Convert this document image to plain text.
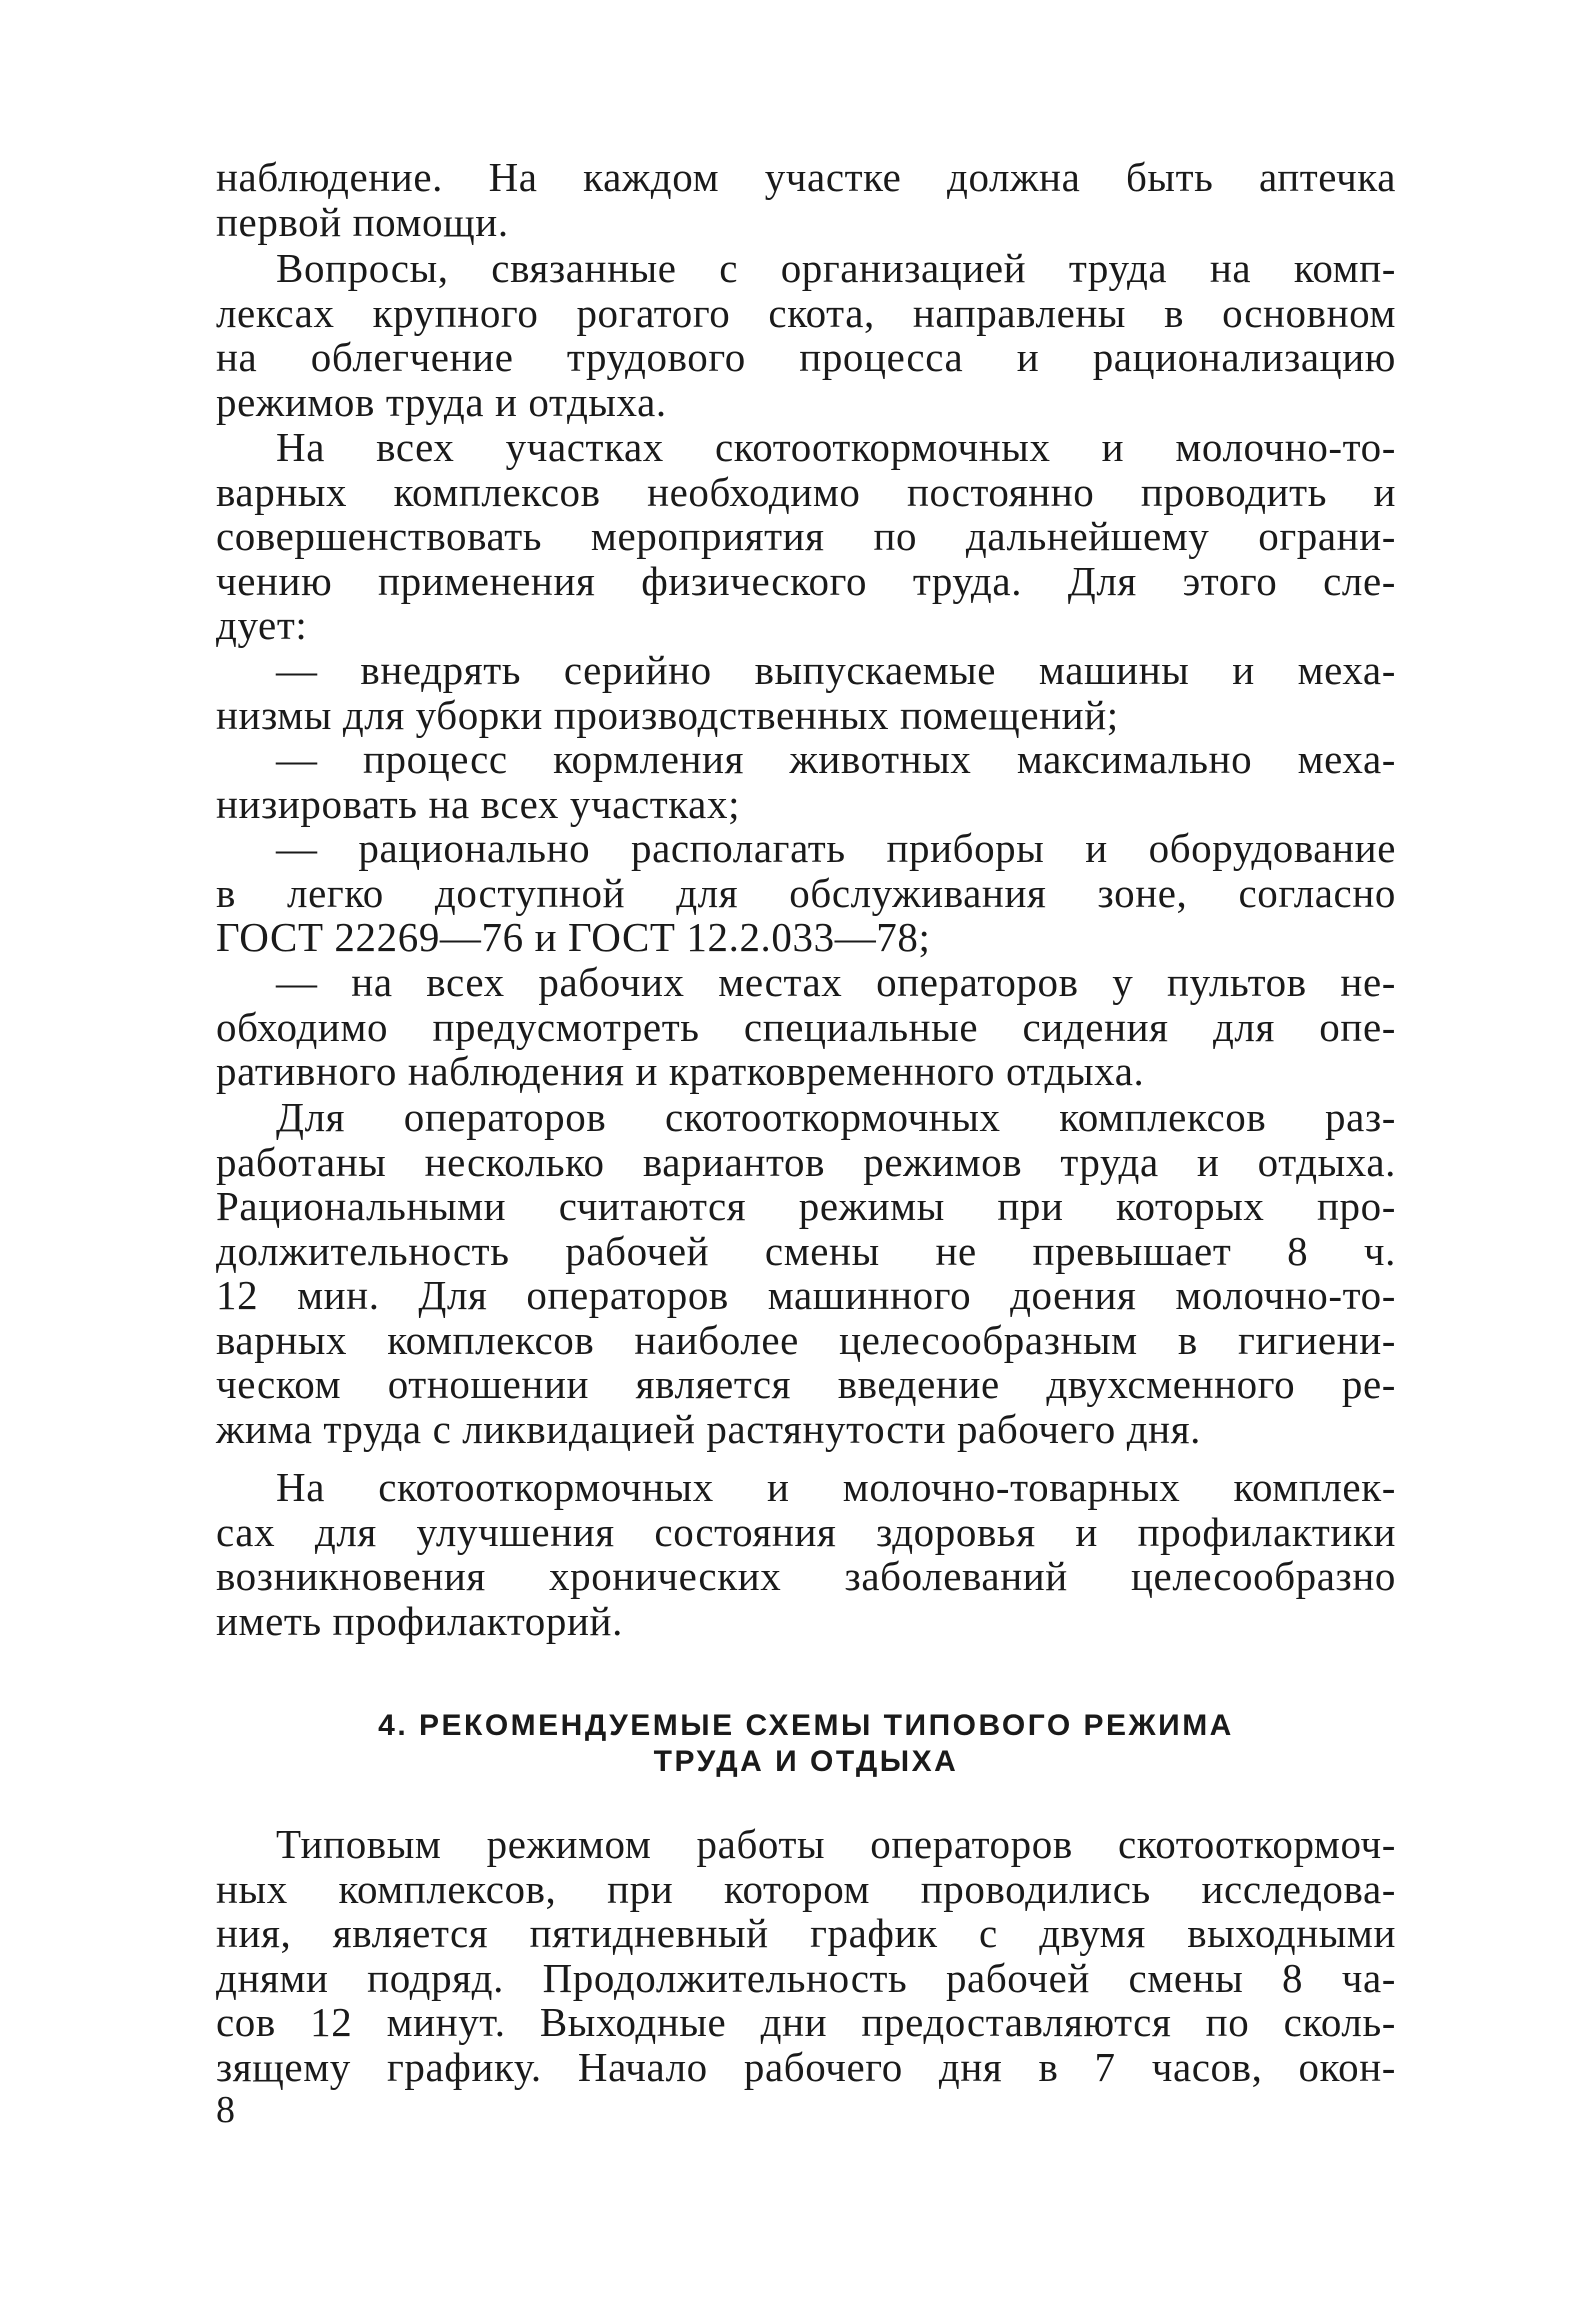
наблюдение. На каждом участке должна быть аптечка
первой помощи.
Вопросы, связанные с организацией труда на комп-
лексах крупного рогатого скота, направлены в основном
на облегчение трудового процесса и рационализацию
режимов труда и отдыха.
На всех участках скотооткормочных и молочно-то-
варных комплексов необходимо постоянно проводить и
совершенствовать мероприятия по дальнейшему ограни-
чению применения физического труда. Для этого сле-
дует:
— внедрять серийно выпускаемые машины и меха-
низмы для уборки производственных помещений;
— процесс кормления животных максимально меха-
низировать на всех участках;
— рационально располагать приборы и оборудование
в легко доступной для обслуживания зоне, согласно
ГОСТ 22269—76 и ГОСТ 12.2.033—78;
— на всех рабочих местах операторов у пультов не-
обходимо предусмотреть специальные сидения для опе-
ративного наблюдения и кратковременного отдыха.
Для операторов скотооткормочных комплексов раз-
работаны несколько вариантов режимов труда и отдыха.
Рациональными считаются режимы при которых про-
должительность рабочей смены не превышает 8 ч.
12 мин. Для операторов машинного доения молочно-то-
варных комплексов наиболее целесообразным в гигиени-
ческом отношении является введение двухсменного ре-
жима труда с ликвидацией растянутости рабочего дня.
На скотооткормочных и молочно-товарных комплек-
сах для улучшения состояния здоровья и профилактики
возникновения хронических заболеваний целесообразно
иметь профилакторий.
4. РЕКОМЕНДУЕМЫЕ СХЕМЫ ТИПОВОГО РЕЖИМА
ТРУДА И ОТДЫХА
Типовым режимом работы операторов скотооткормоч-
ных комплексов, при котором проводились исследова-
ния, является пятидневный график с двумя выходными
днями подряд. Продолжительность рабочей смены 8 ча-
сов 12 минут. Выходные дни предоставляются по сколь-
зящему графику. Начало рабочего дня в 7 часов, окон-
8
